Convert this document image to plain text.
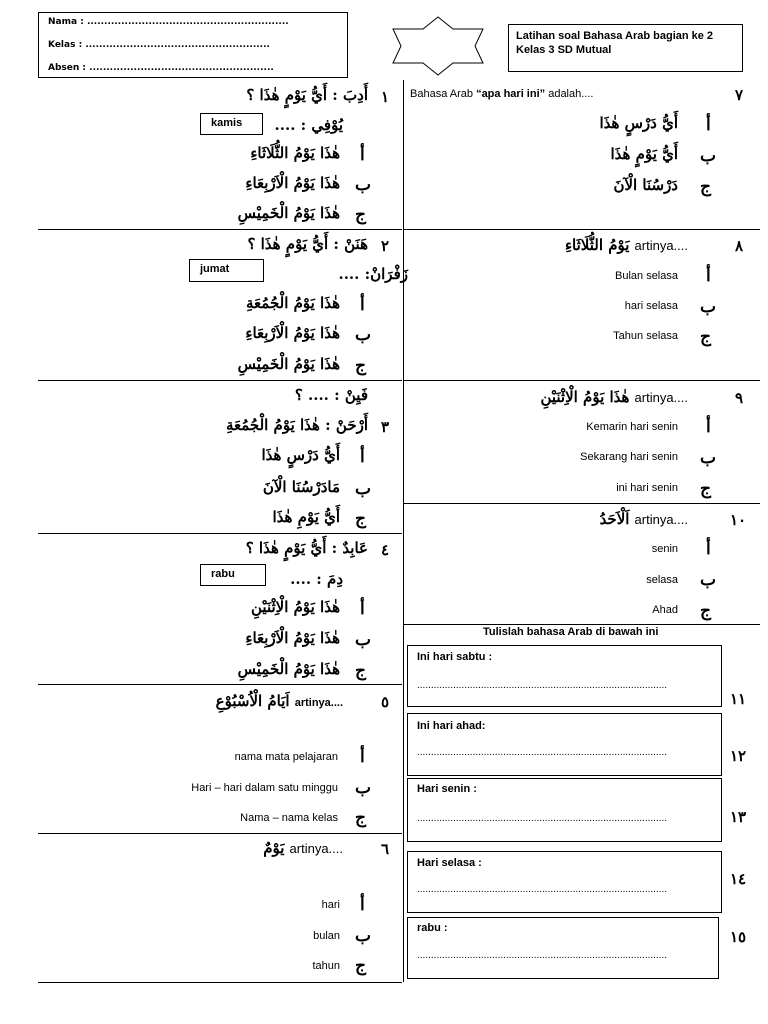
Nama : ...........................................................
Kelas : ......................................................
Absen : ......................................................
Latihan soal Bahasa Arab bagian ke 2 Kelas 3 SD Mutual
١
أَدِبَ : أَيُّ يَوْمٍ هٰذَا ؟
kamis	يُوْفِي : ....
أ
هٰذَا يَوْمُ الثُّلَاثَاءِ
ب
هٰذَا يَوْمُ الْاَرْبِعَاءِ
ج
هٰذَا يَوْمُ الْخَمِيْسِ
٢
هَنَنْ : أَيُّ يَوْمٍ هٰذَا ؟
jumat	زَفْرَانْ: ....
أ
هٰذَا يَوْمُ الْجُمُعَةِ
ب
هٰذَا يَوْمُ الْاَرْبِعَاءِ
ج
هٰذَا يَوْمُ الْخَمِيْسِ
فَيِنْ : .... ؟
٣
أَرْحَنْ : هٰذَا يَوْمُ الْجُمُعَةِ
أ
أَيُّ دَرْسٍ هٰذَا
ب
مَادَرْسُنَا الْآنَ
ج
أَيُّ يَوْمِ هٰذَا
٤
عَابِدٌ : أَيُّ يَوْمٍ هٰذَا ؟
rabu	دِمَ : ....
أ
هٰذَا يَوْمُ الْاِثْنَيْنِ
ب
هٰذَا يَوْمُ الْاَرْبِعَاءِ
ج
هٰذَا يَوْمُ الْخَمِيْسِ
٥
اَيَامُ الْاُسْبُوْعِ artinya....
أ
nama mata pelajaran
ب
Hari – hari dalam satu minggu
ج
Nama – nama kelas
٦
يَوْمٌ artinya....
أ
hari
ب
bulan
ج
tahun
٧
Bahasa Arab “apa hari ini” adalah....
أ
أَيُّ دَرْسٍ هٰذَا
ب
أَيُّ يَوْمٍ هٰذَا
ج
دَرْسُنَا الْآنَ
٨
يَوْمُ الثُّلَاثَاءِ artinya....
أ
Bulan selasa
ب
hari selasa
ج
Tahun selasa
٩
هٰذَا يَوْمُ الْاِثْنَيْنِ artinya....
أ
Kemarin hari senin
ب
Sekarang hari senin
ج
ini hari senin
١٠
اَلْاَحَدُ artinya....
أ
senin
ب
selasa
ج
Ahad
Tulislah bahasa Arab di bawah ini
Ini hari sabtu :
..........................................................................................
١١
Ini hari ahad:
..........................................................................................	١٢
Hari senin :
..........................................................................................	١٣
Hari selasa :
..........................................................................................
١٤
rabu :
..........................................................................................
١٥
